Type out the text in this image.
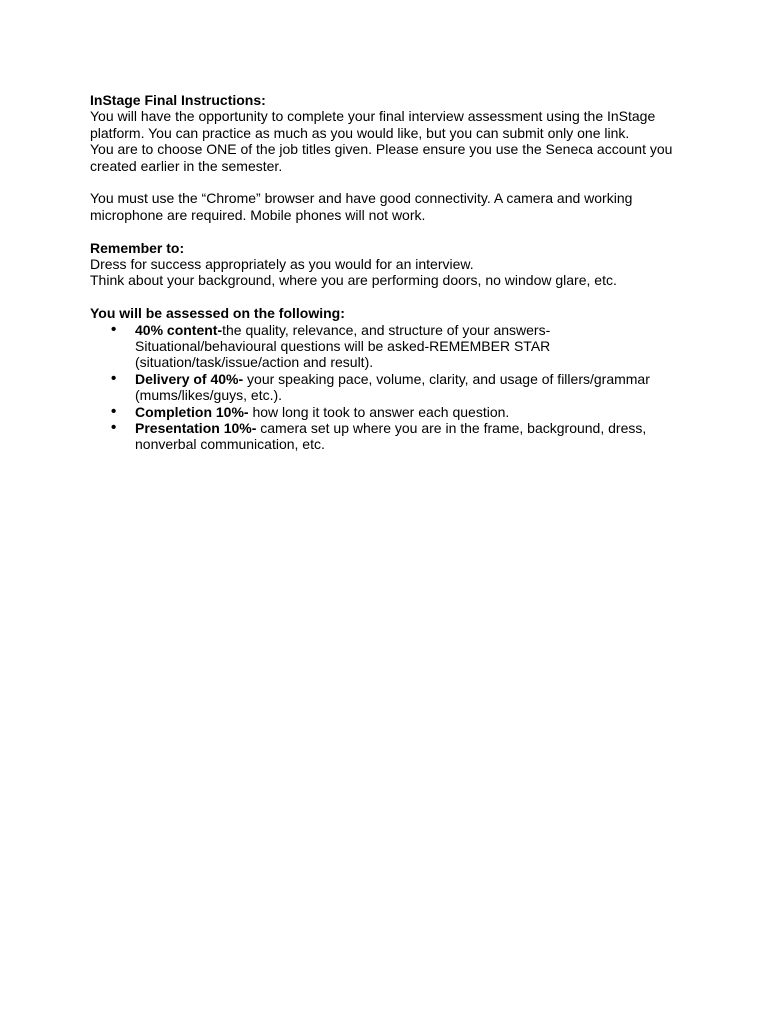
InStage Final Instructions:
You will have the opportunity to complete your final interview assessment using the InStage
platform. You can practice as much as you would like, but you can submit only one link.
You are to choose ONE of the job titles given. Please ensure you use the Seneca account you
created earlier in the semester.
You must use the “Chrome” browser and have good connectivity. A camera and working
microphone are required. Mobile phones will not work.
Remember to:
Dress for success appropriately as you would for an interview.
Think about your background, where you are performing doors, no window glare, etc.
You will be assessed on the following:
• 40% content-the quality, relevance, and structure of your answers-
Situational/behavioural questions will be asked-REMEMBER STAR
(situation/task/issue/action and result).
• Delivery of 40%- your speaking pace, volume, clarity, and usage of fillers/grammar
(mums/likes/guys, etc.).
• Completion 10%- how long it took to answer each question.
• Presentation 10%- camera set up where you are in the frame, background, dress,
nonverbal communication, etc.
